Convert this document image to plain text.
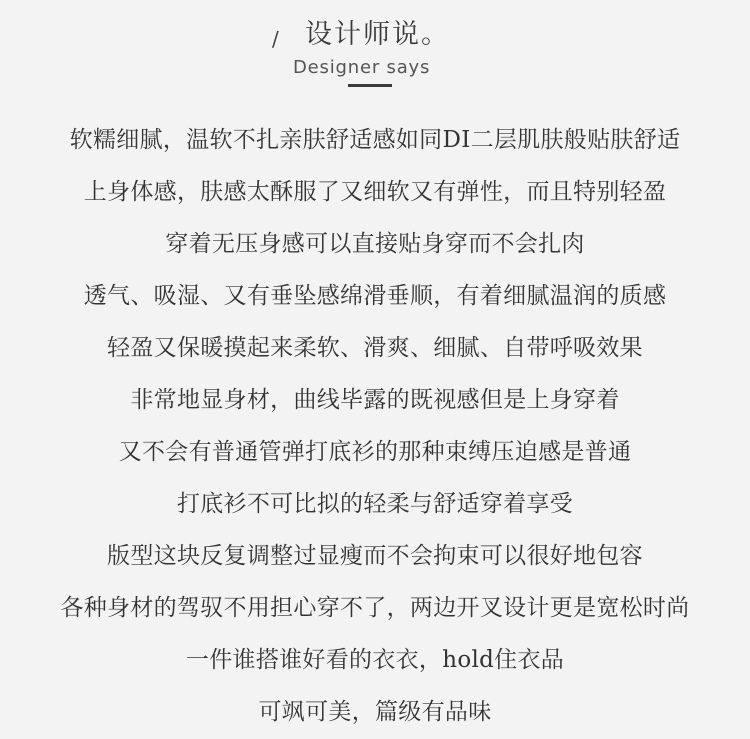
/ 设计师说。
Designer says
软糯细腻，温软不扎亲肤舒适感如同DI二层肌肤般贴肤舒适
上身体感，肤感太酥服了又细软又有弹性，而且特别轻盈
穿着无压身感可以直接贴身穿而不会扎肉
透气、吸湿、又有垂坠感绵滑垂顺，有着细腻温润的质感
轻盈又保暖摸起来柔软、滑爽、细腻、自带呼吸效果
非常地显身材，曲线毕露的既视感但是上身穿着
又不会有普通管弹打底衫的那种束缚压迫感是普通
打底衫不可比拟的轻柔与舒适穿着享受
版型这块反复调整过显瘦而不会拘束可以很好地包容
各种身材的驾驭不用担心穿不了，两边开叉设计更是宽松时尚
一件谁搭谁好看的衣衣，hold住衣品
可飒可美，篇级有品味
